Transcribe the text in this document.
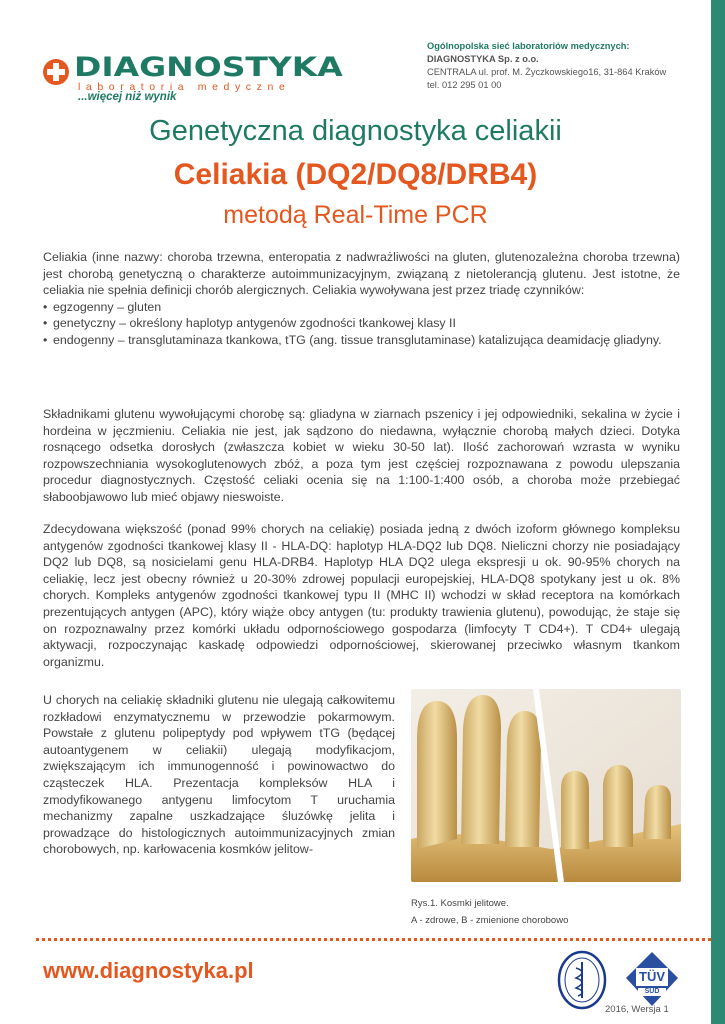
DIAGNOSTYKA
laboratoria medyczne
...więcej niż wynik
Ogólnopolska sieć laboratoriów medycznych:
DIAGNOSTYKA Sp. z o.o.
CENTRALA ul. prof. M. Życzkowskiego16, 31-864 Kraków
tel. 012 295 01 00
Genetyczna diagnostyka celiakii
Celiakia (DQ2/DQ8/DRB4)
metodą Real-Time PCR

Celiakia (inne nazwy: choroba trzewna, enteropatia z nadwrażliwości na gluten, glutenozależna choroba trzewna) jest chorobą genetyczną o charakterze autoimmunizacyjnym, związaną z nietolerancją glutenu. Jest istotne, że celiakia nie spełnia definicji chorób alergicznych. Celiakia wywoływana jest przez triadę czynników:

• egzogenny – gluten
• genetyczny – określony haplotyp antygenów zgodności tkankowej klasy II
• endogenny – transglutaminaza tkankowa, tTG (ang. tissue transglutaminase) katalizująca deamidację gliadyny.
Składnikami glutenu wywołującymi chorobę są: gliadyna w ziarnach pszenicy i jej odpowiedniki, sekalina w życie i hordeina w jęczmieniu. Celiakia nie jest, jak sądzono do niedawna, wyłącznie chorobą małych dzieci. Dotyka rosnącego odsetka dorosłych (zwłaszcza kobiet w wieku 30-50 lat). Ilość zachorowań wzrasta w wyniku rozpowszechniania wysokoglutenowych zbóż, a poza tym jest częściej rozpoznawana z powodu ulepszania procedur diagnostycznych. Częstość celiaki ocenia się na 1:100-1:400 osób, a choroba może przebiegać słaboobjawowo lub mieć objawy nieswoiste.
Zdecydowana większość (ponad 99% chorych na celiakię) posiada jedną z dwóch izoform głównego kompleksu antygenów zgodności tkankowej klasy II - HLA-DQ: haplotyp HLA-DQ2 lub DQ8. Nieliczni chorzy nie posiadający DQ2 lub DQ8, są nosicielami genu HLA-DRB4. Haplotyp HLA DQ2 ulega ekspresji u ok. 90-95% chorych na celiakię, lecz jest obecny również u 20-30% zdrowej populacji europejskiej, HLA-DQ8 spotykany jest u ok. 8% chorych. Kompleks antygenów zgodności tkankowej typu II (MHC II) wchodzi w skład receptora na komórkach prezentujących antygen (APC), który wiąże obcy antygen (tu: produkty trawienia glutenu), powodując, że staje się on rozpoznawalny przez komórki układu odpornościowego gospodarza (limfocyty T CD4+). T CD4+ ulegają aktywacji, rozpoczynając kaskadę odpowiedzi odpornościowej, skierowanej przeciwko własnym tkankom organizmu.
U chorych na celiakię składniki glutenu nie ulegają całkowitemu rozkładowi enzymatycznemu w przewodzie pokarmowym. Powstałe z glutenu polipeptydy pod wpływem tTG (będącej autoantygenem w celiakii) ulegają modyfikacjom, zwiększającym ich immunogenność i powinowactwo do cząsteczek HLA. Prezentacja kompleksów HLA i zmodyfikowanego antygenu limfocytom T uruchamia mechanizmy zapalne uszkadzające śluzówkę jelita i prowadzące do histologicznych autoimmunizacyjnych zmian chorobowych, np. karłowacenia kosmków jelitow-
Rys.1. Kosmki jelitowe.
A - zdrowe, B - zmienione chorobowo
www.diagnostyka.pl	TÜV
SÜD
2016, Wersja 1
